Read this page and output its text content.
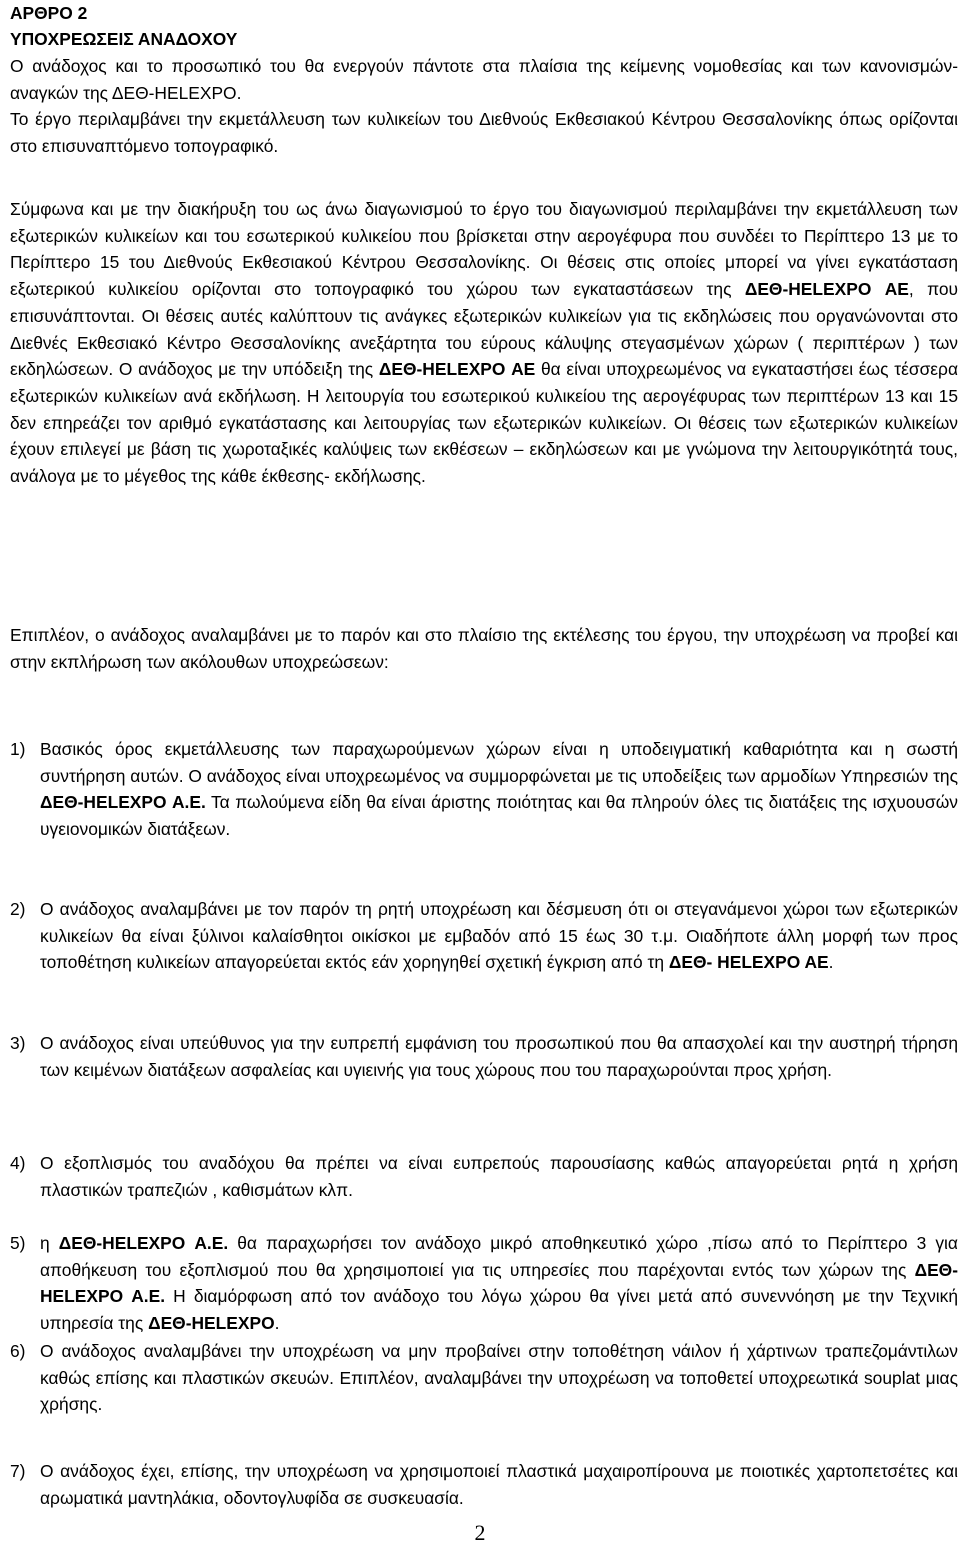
ΑΡΘΡΟ 2
ΥΠΟΧΡΕΩΣΕΙΣ ΑΝΑΔΟΧΟΥ
Ο ανάδοχος και το προσωπικό του θα ενεργούν πάντοτε στα πλαίσια της κείμενης νομοθεσίας και των κανονισμών-αναγκών της ΔΕΘ-HELEXPO.
Το έργο περιλαμβάνει την εκμετάλλευση των κυλικείων του Διεθνούς Εκθεσιακού Κέντρου Θεσσαλονίκης όπως ορίζονται στο επισυναπτόμενο τοπογραφικό.
Σύμφωνα και με την διακήρυξη του ως άνω διαγωνισμού το έργο του διαγωνισμού περιλαμβάνει την εκμετάλλευση των εξωτερικών κυλικείων και του εσωτερικού κυλικείου που βρίσκεται στην αερογέφυρα που συνδέει το Περίπτερο 13 με το Περίπτερο 15 του Διεθνούς Εκθεσιακού Κέντρου Θεσσαλονίκης. Οι θέσεις στις οποίες μπορεί να γίνει εγκατάσταση εξωτερικού κυλικείου ορίζονται στο τοπογραφικό του χώρου των εγκαταστάσεων της ΔΕΘ-HELEXPO ΑΕ, που επισυνάπτονται. Οι θέσεις αυτές καλύπτουν τις ανάγκες εξωτερικών κυλικείων για τις εκδηλώσεις που οργανώνονται στο Διεθνές Εκθεσιακό Κέντρο Θεσσαλονίκης ανεξάρτητα του εύρους κάλυψης στεγασμένων χώρων ( περιπτέρων ) των εκδηλώσεων. Ο ανάδοχος με την υπόδειξη της ΔΕΘ-HELEXPO ΑΕ θα είναι υποχρεωμένος να εγκαταστήσει έως τέσσερα εξωτερικών κυλικείων ανά εκδήλωση. Η λειτουργία του εσωτερικού κυλικείου της αερογέφυρας των περιπτέρων 13 και 15 δεν επηρεάζει τον αριθμό εγκατάστασης και λειτουργίας των εξωτερικών κυλικείων. Οι θέσεις των εξωτερικών κυλικείων έχουν επιλεγεί με βάση τις χωροταξικές καλύψεις των εκθέσεων – εκδηλώσεων και με γνώμονα την λειτουργικότητά τους, ανάλογα με το μέγεθος της κάθε έκθεσης- εκδήλωσης.
Επιπλέον, ο ανάδοχος αναλαμβάνει με το παρόν και στο πλαίσιο της εκτέλεσης του έργου, την υποχρέωση να προβεί και στην εκπλήρωση των ακόλουθων υποχρεώσεων:
1) Βασικός όρος εκμετάλλευσης των παραχωρούμενων χώρων είναι η υποδειγματική καθαριότητα και η σωστή συντήρηση αυτών. Ο ανάδοχος είναι υποχρεωμένος να συμμορφώνεται με τις υποδείξεις των αρμοδίων Υπηρεσιών της ΔΕΘ-HELEXPO Α.Ε. Τα πωλούμενα είδη θα είναι άριστης ποιότητας και θα πληρούν όλες τις διατάξεις της ισχυουσών υγειονομικών διατάξεων.
2) Ο ανάδοχος αναλαμβάνει με τον παρόν τη ρητή υποχρέωση και δέσμευση ότι οι στεγανάμενοι χώροι των εξωτερικών κυλικείων θα είναι ξύλινοι καλαίσθητοι οικίσκοι με εμβαδόν από 15 έως 30 τ.μ. Οιαδήποτε άλλη μορφή των προς τοποθέτηση κυλικείων απαγορεύεται εκτός εάν χορηγηθεί σχετική έγκριση από τη ΔΕΘ- HELEXPO AE.
3) Ο ανάδοχος είναι υπεύθυνος για την ευπρεπή εμφάνιση του προσωπικού που θα απασχολεί και την αυστηρή τήρηση των κειμένων διατάξεων ασφαλείας και υγιεινής για τους χώρους που του παραχωρούνται προς χρήση.
4) Ο εξοπλισμός του αναδόχου θα πρέπει να είναι ευπρεπούς παρουσίασης καθώς απαγορεύεται ρητά η χρήση πλαστικών τραπεζιών , καθισμάτων κλπ.
5) η ΔΕΘ-HELEXPO Α.Ε. θα παραχωρήσει τον ανάδοχο μικρό αποθηκευτικό χώρο ,πίσω από το Περίπτερο 3 για αποθήκευση του εξοπλισμού που θα χρησιμοποιεί για τις υπηρεσίες που παρέχονται εντός των χώρων της ΔΕΘ-HELEXPO Α.Ε. Η διαμόρφωση από τον ανάδοχο του λόγω χώρου θα γίνει μετά από συνεννόηση με την Τεχνική υπηρεσία της ΔΕΘ-HELEXPO.
6) Ο ανάδοχος αναλαμβάνει την υποχρέωση να μην προβαίνει στην τοποθέτηση νάιλον ή χάρτινων τραπεζομάντιλων καθώς επίσης και πλαστικών σκευών. Επιπλέον, αναλαμβάνει την υποχρέωση να τοποθετεί υποχρεωτικά souplat μιας χρήσης.
7) Ο ανάδοχος έχει, επίσης, την υποχρέωση να χρησιμοποιεί πλαστικά μαχαιροπίρουνα με ποιοτικές χαρτοπετσέτες και αρωματικά μαντηλάκια, οδοντογλυφίδα σε συσκευασία.
2
